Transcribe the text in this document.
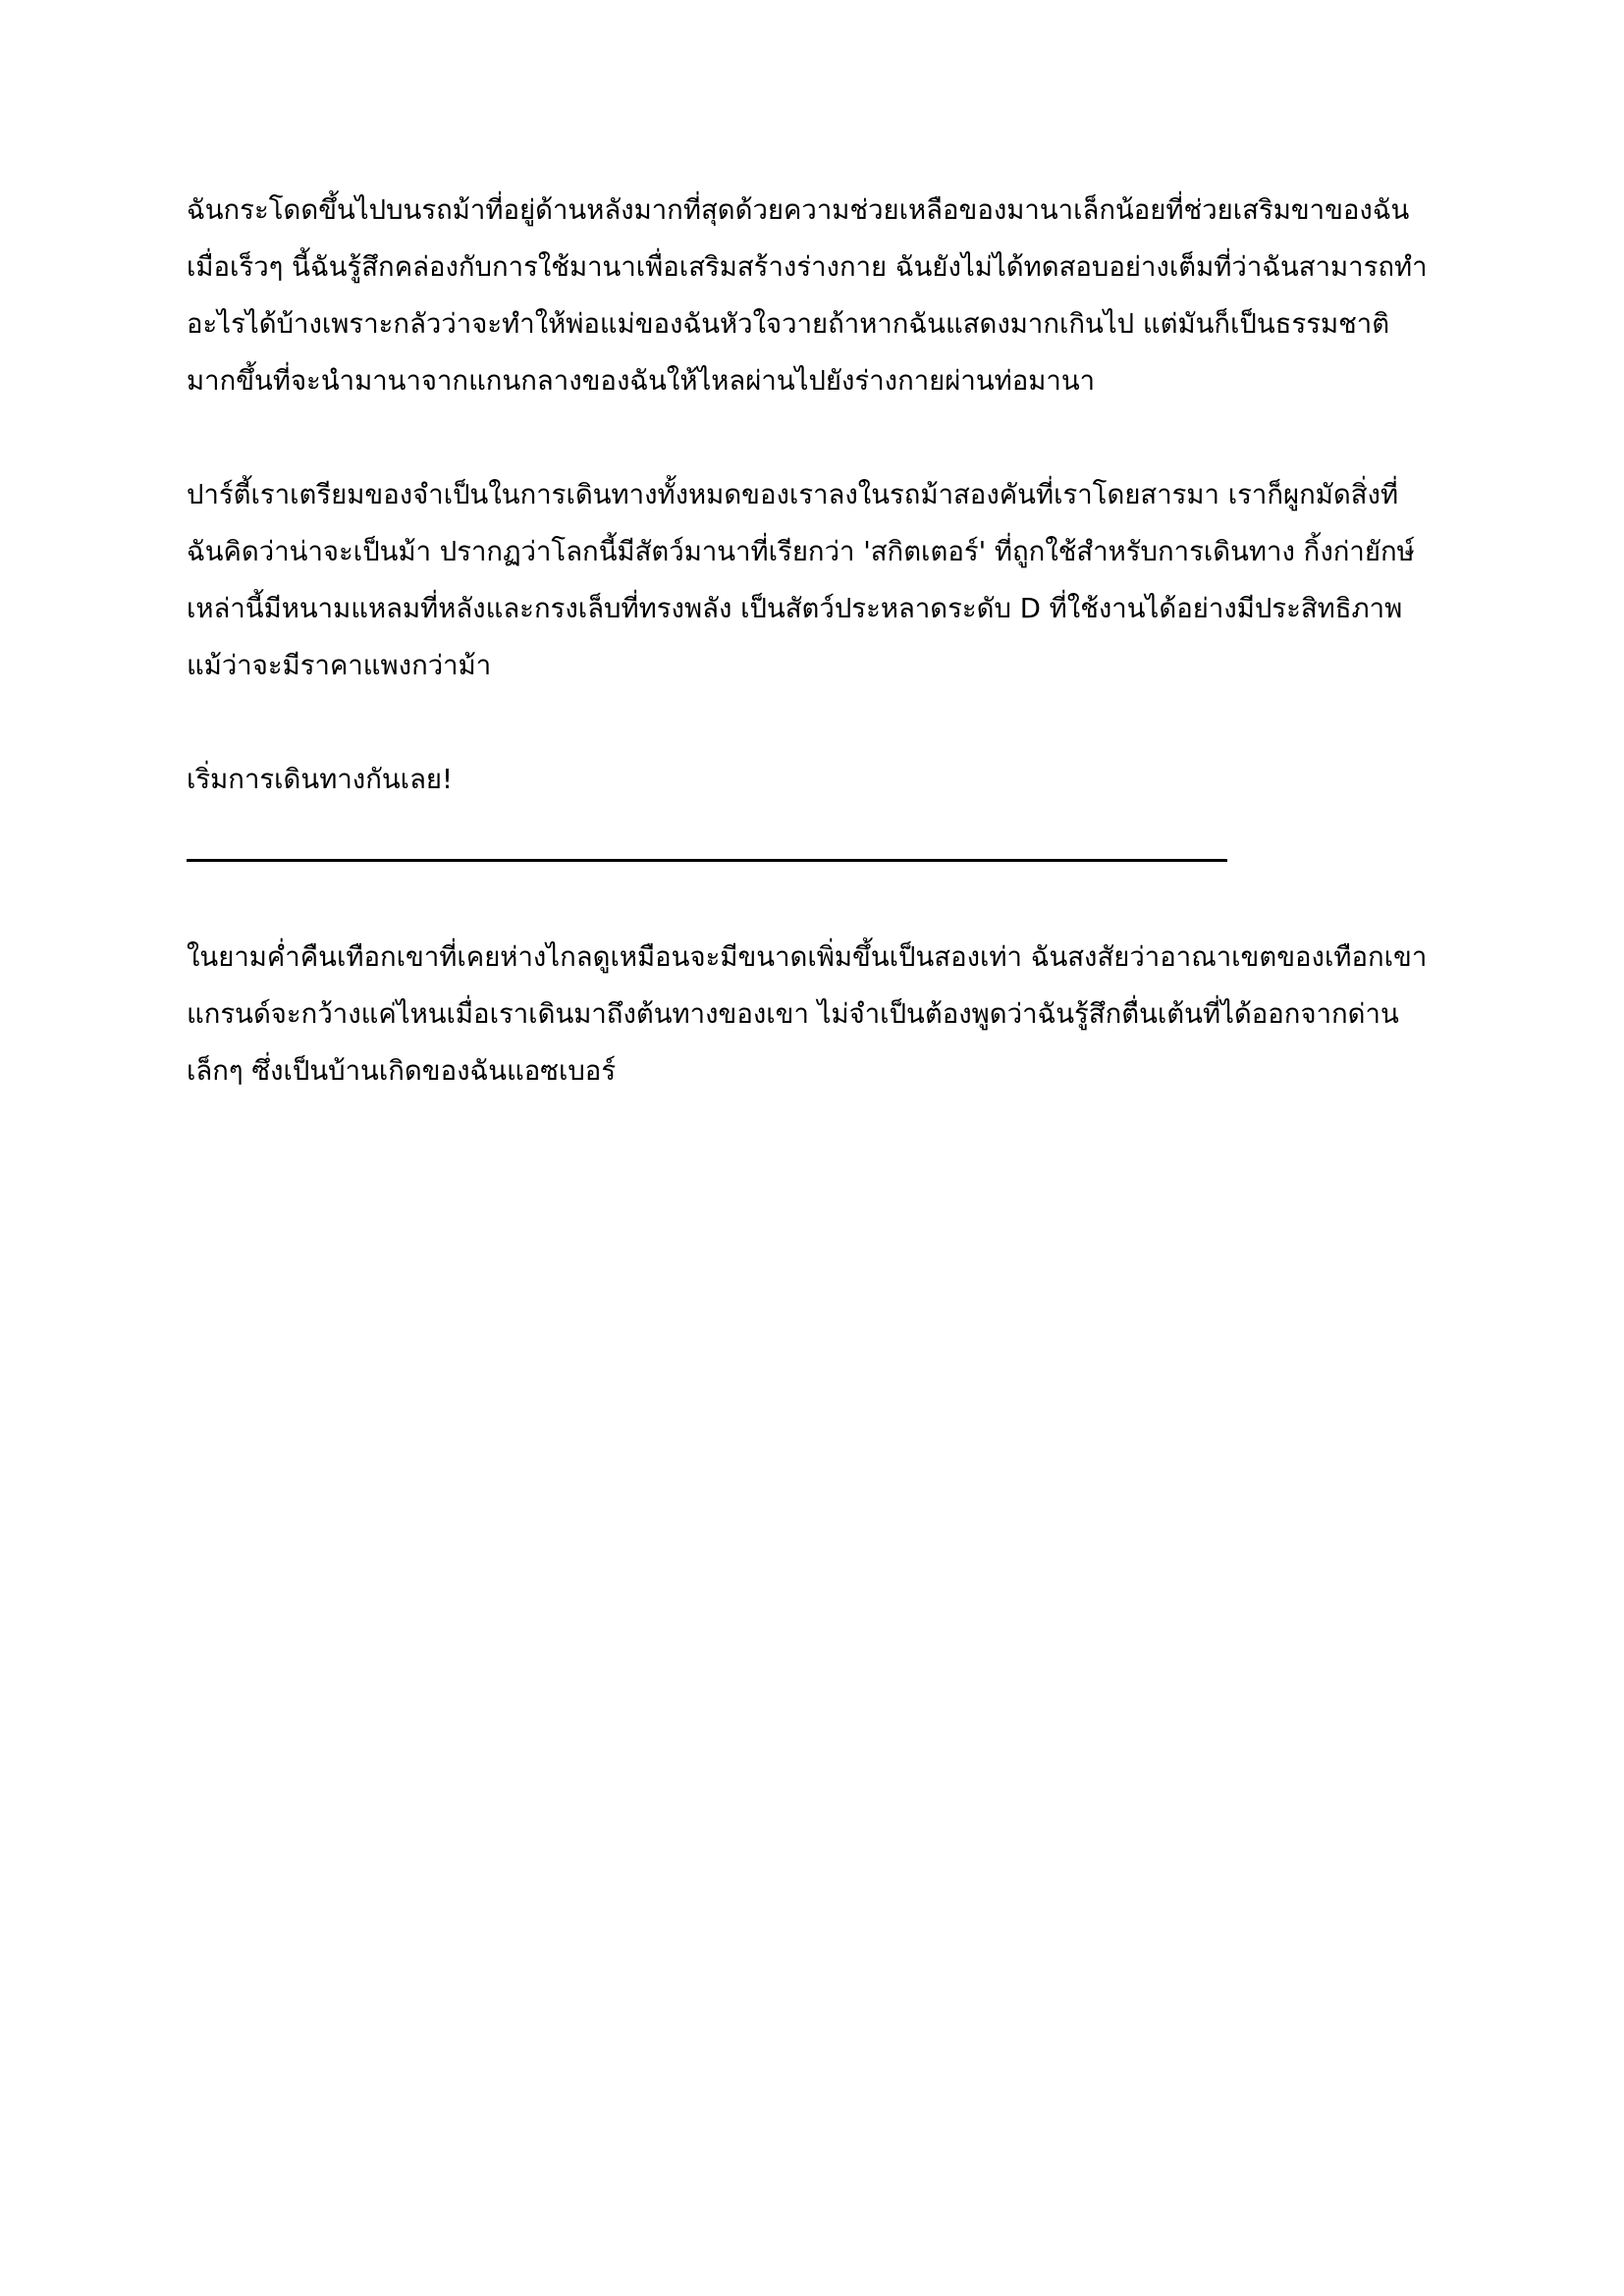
ฉันกระโดดขึ้นไปบนรถม้าที่อยู่ด้านหลังมากที่สุดด้วยความช่วยเหลือของมานาเล็กน้อยที่ช่วยเสริมขาของฉัน เมื่อเร็วๆ นี้ฉันรู้สึกคล่องกับการใช้มานาเพื่อเสริมสร้างร่างกาย ฉันยังไม่ได้ทดสอบอย่างเต็มที่ว่าฉันสามารถทำอะไรได้บ้างเพราะกลัวว่าจะทำให้พ่อแม่ของฉันหัวใจวายถ้าหากฉันแสดงมากเกินไป แต่มันก็เป็นธรรมชาติมากขึ้นที่จะนำมานาจากแกนกลางของฉันให้ไหลผ่านไปยังร่างกายผ่านท่อมานา

ปาร์ตี้เราเตรียมของจำเป็นในการเดินทางทั้งหมดของเราลงในรถม้าสองคันที่เราโดยสารมา เราก็ผูกมัดสิ่งที่ฉันคิดว่าน่าจะเป็นม้า ปรากฏว่าโลกนี้มีสัตว์มานาที่เรียกว่า 'สกิตเตอร์' ที่ถูกใช้สำหรับการเดินทาง กิ้งก่ายักษ์เหล่านี้มีหนามแหลมที่หลังและกรงเล็บที่ทรงพลัง เป็นสัตว์ประหลาดระดับ D ที่ใช้งานได้อย่างมีประสิทธิภาพแม้ว่าจะมีราคาแพงกว่าม้า

เริ่มการเดินทางกันเลย!

ในยามค่ำคืนเทือกเขาที่เคยห่างไกลดูเหมือนจะมีขนาดเพิ่มขึ้นเป็นสองเท่า ฉันสงสัยว่าอาณาเขตของเทือกเขาแกรนด์จะกว้างแค่ไหนเมื่อเราเดินมาถึงต้นทางของเขา ไม่จำเป็นต้องพูดว่าฉันรู้สึกตื่นเต้นที่ได้ออกจากด่านเล็กๆ ซึ่งเป็นบ้านเกิดของฉันแอซเบอร์
